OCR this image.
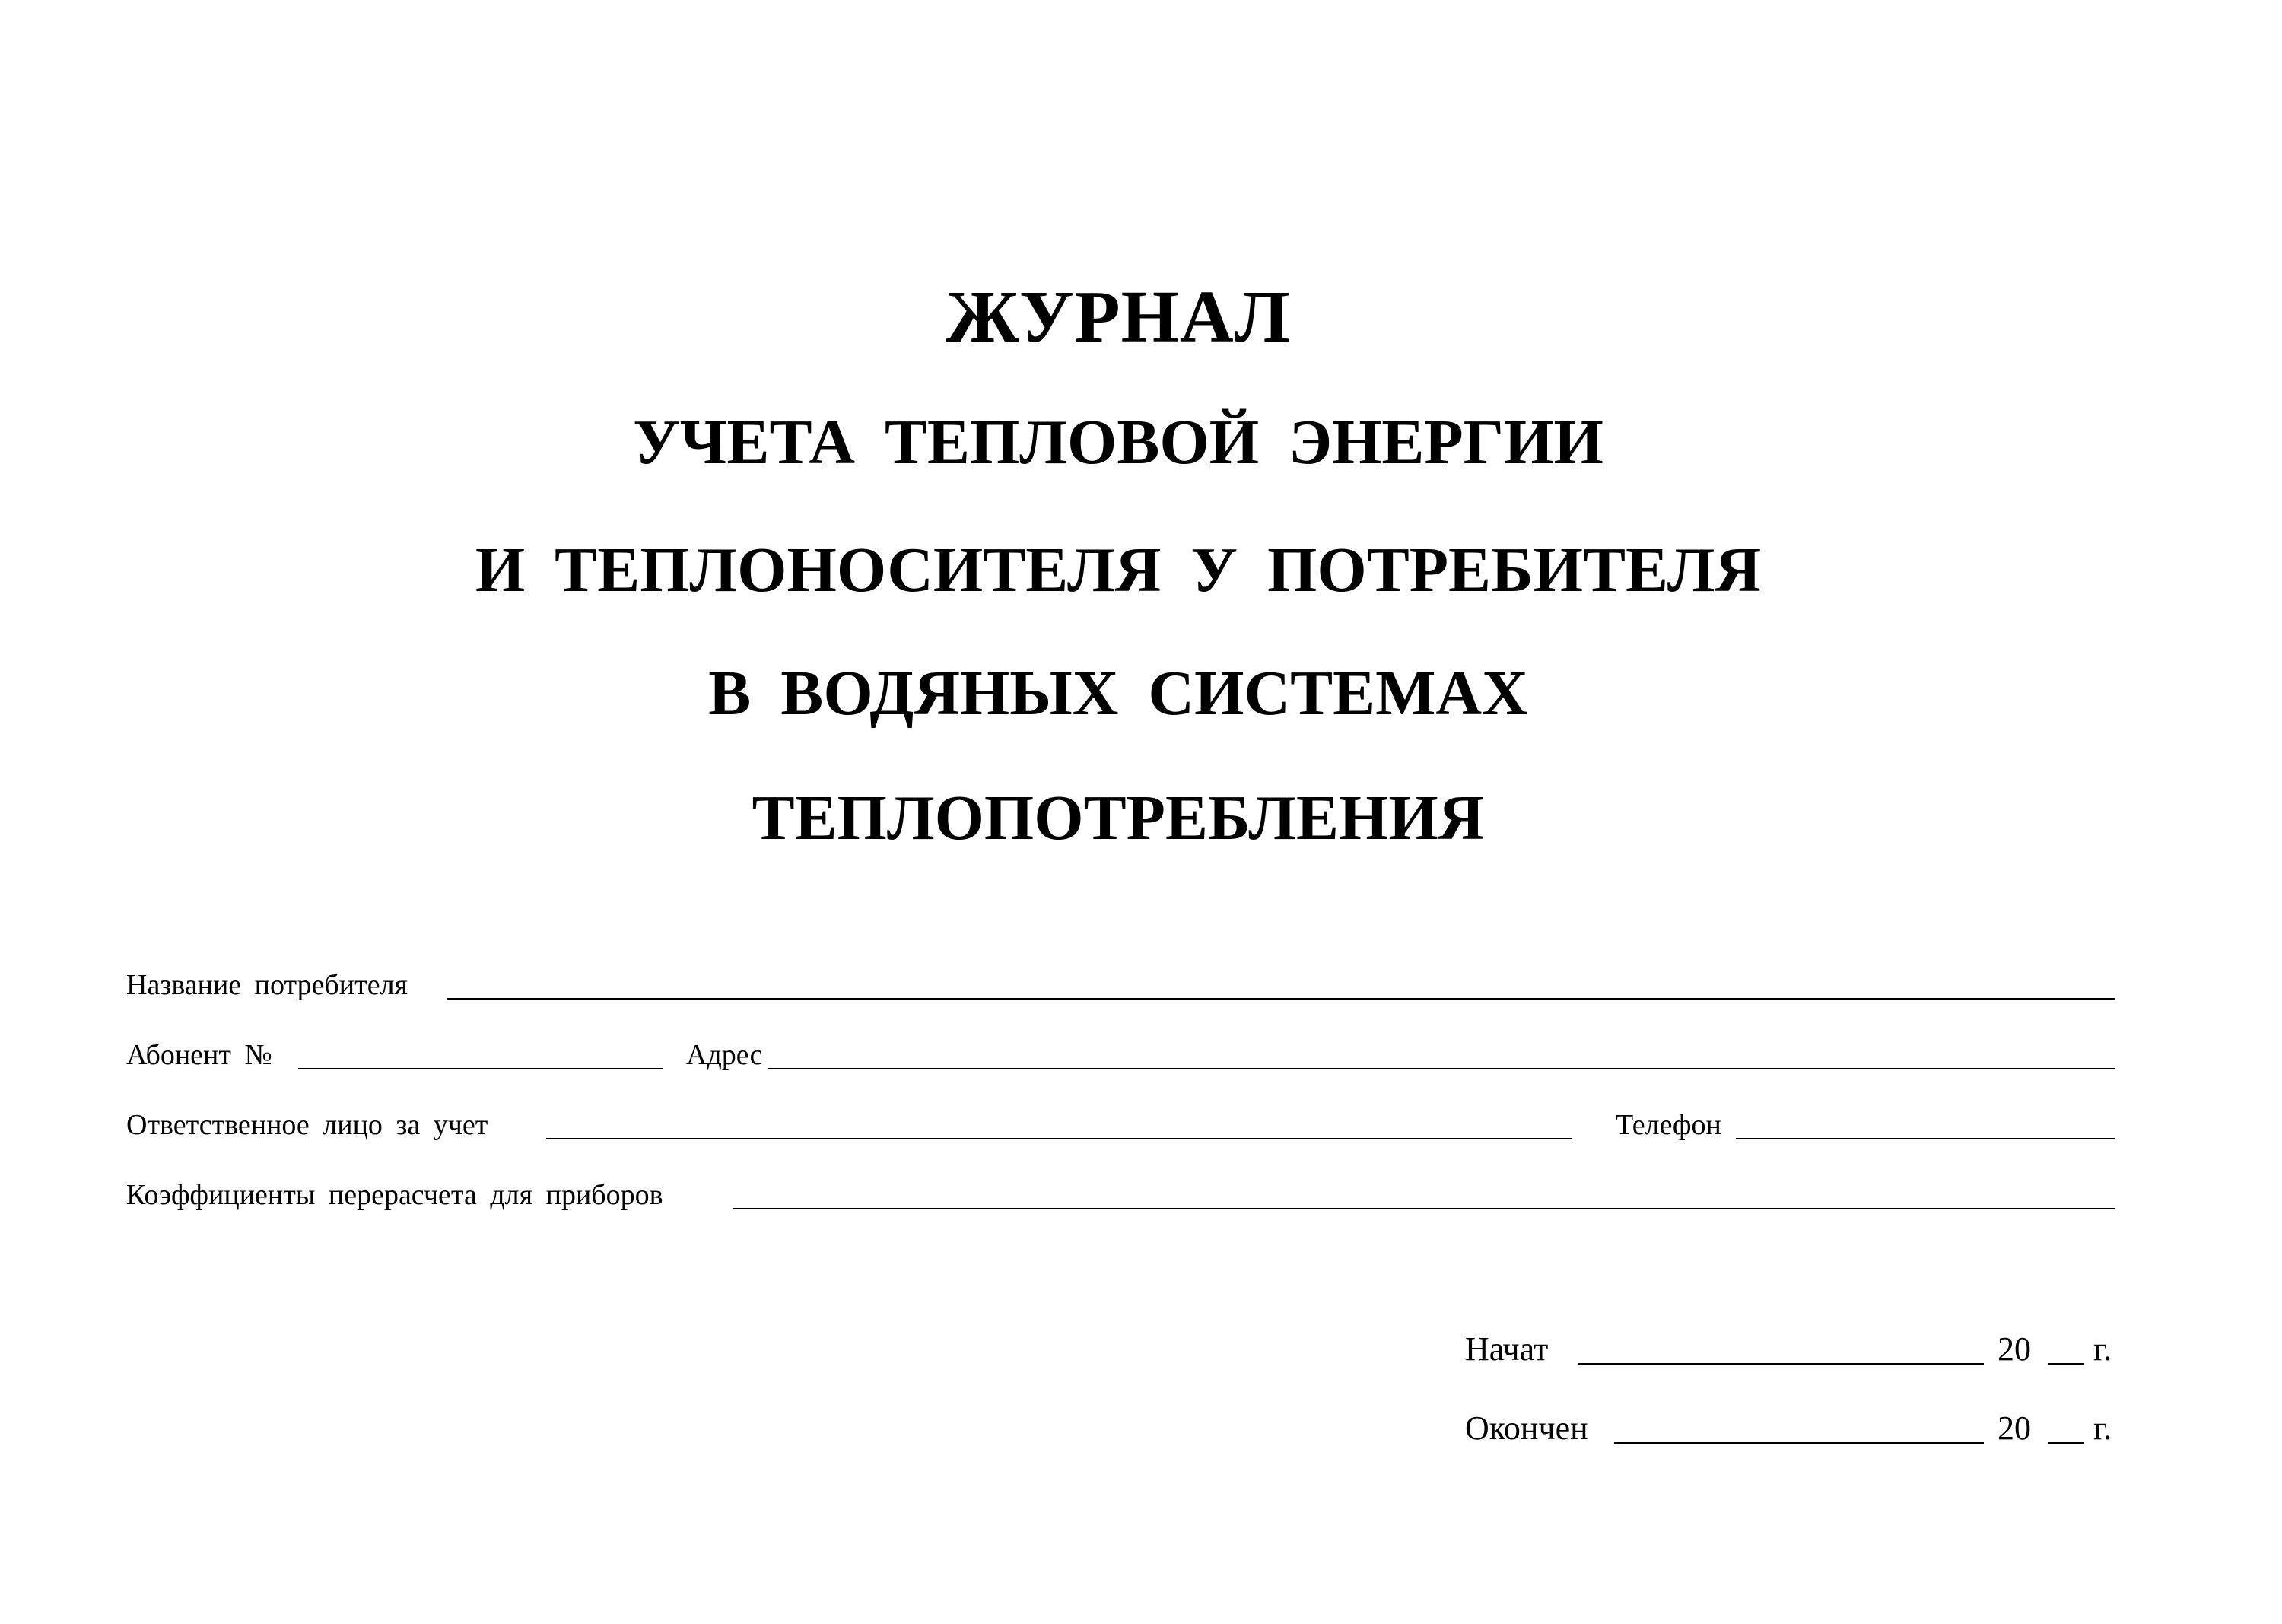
ЖУРНАЛ
УЧЕТА ТЕПЛОВОЙ ЭНЕРГИИ
И ТЕПЛОНОСИТЕЛЯ У ПОТРЕБИТЕЛЯ
В ВОДЯНЫХ СИСТЕМАХ
ТЕПЛОПОТРЕБЛЕНИЯ
Название потребителя
Абонент №	Адрес
Ответственное лицо за учет	Телефон
Коэффициенты перерасчета для приборов
Начат	20 г.
Окончен	20 г.
